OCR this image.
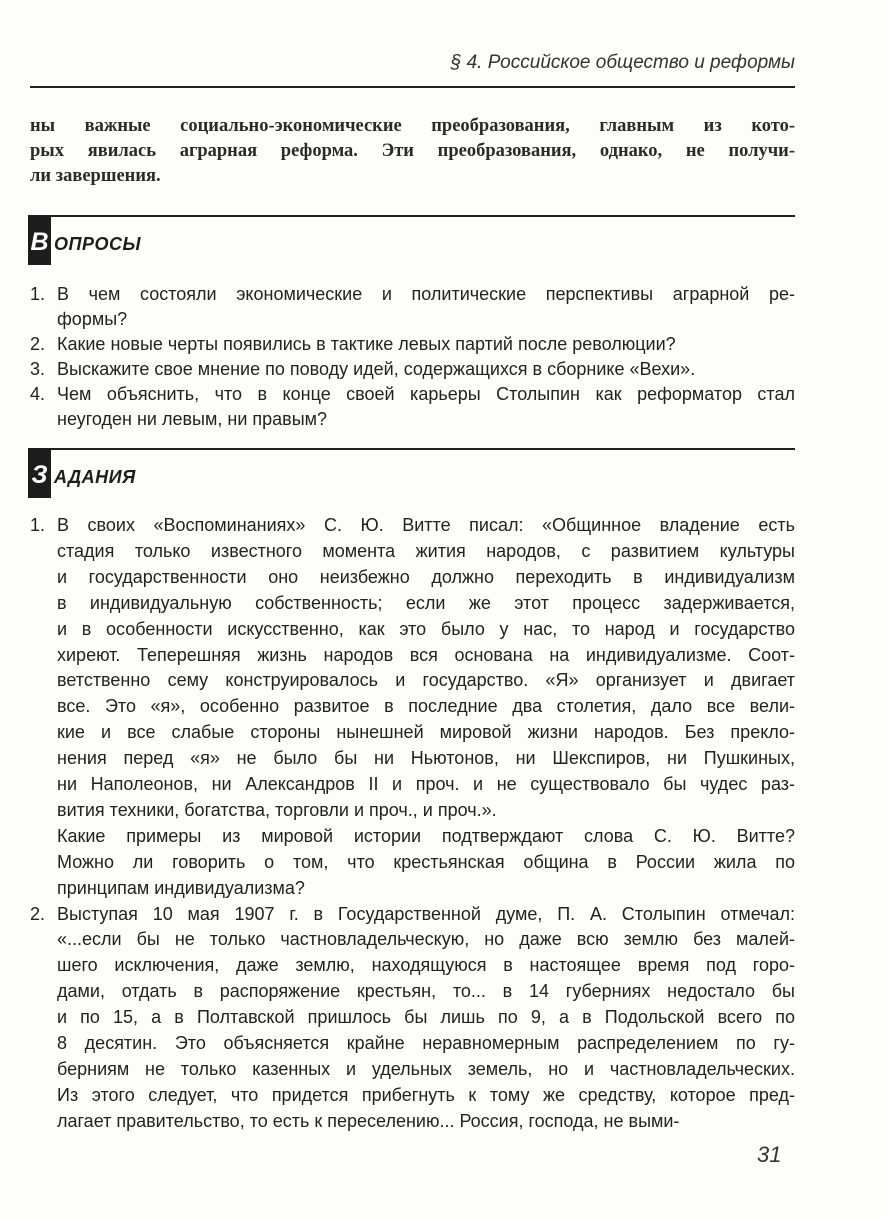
§ 4. Российское общество и реформы
ны важные социально-экономические преобразования, главным из кото-
рых явилась аграрная реформа. Эти преобразования, однако, не получи-
ли завершения.
В ОПРОСЫ
1. В чем состояли экономические и политические перспективы аграрной ре-
формы?
2. Какие новые черты появились в тактике левых партий после революции?
3. Выскажите свое мнение по поводу идей, содержащихся в сборнике «Вехи».
4. Чем объяснить, что в конце своей карьеры Столыпин как реформатор стал
неугоден ни левым, ни правым?
З АДАНИЯ
1. В своих «Воспоминаниях» С. Ю. Витте писал: «Общинное владение есть
стадия только известного момента жития народов, с развитием культуры
и государственности оно неизбежно должно переходить в индивидуализм
в индивидуальную собственность; если же этот процесс задерживается,
и в особенности искусственно, как это было у нас, то народ и государство
хиреют. Теперешняя жизнь народов вся основана на индивидуализме. Соот-
ветственно сему конструировалось и государство. «Я» организует и двигает
все. Это «я», особенно развитое в последние два столетия, дало все вели-
кие и все слабые стороны нынешней мировой жизни народов. Без прекло-
нения перед «я» не было бы ни Ньютонов, ни Шекспиров, ни Пушкиных,
ни Наполеонов, ни Александров II и проч. и не существовало бы чудес раз-
вития техники, богатства, торговли и проч., и проч.».
Какие примеры из мировой истории подтверждают слова С. Ю. Витте?
Можно ли говорить о том, что крестьянская община в России жила по
принципам индивидуализма?
2. Выступая 10 мая 1907 г. в Государственной думе, П. А. Столыпин отмечал:
«...если бы не только частновладельческую, но даже всю землю без малей-
шего исключения, даже землю, находящуюся в настоящее время под горо-
дами, отдать в распоряжение крестьян, то... в 14 губерниях недостало бы
и по 15, а в Полтавской пришлось бы лишь по 9, а в Подольской всего по
8 десятин. Это объясняется крайне неравномерным распределением по гу-
берниям не только казенных и удельных земель, но и частновладельческих.
Из этого следует, что придется прибегнуть к тому же средству, которое пред-
лагает правительство, то есть к переселению... Россия, господа, не выми-
31
